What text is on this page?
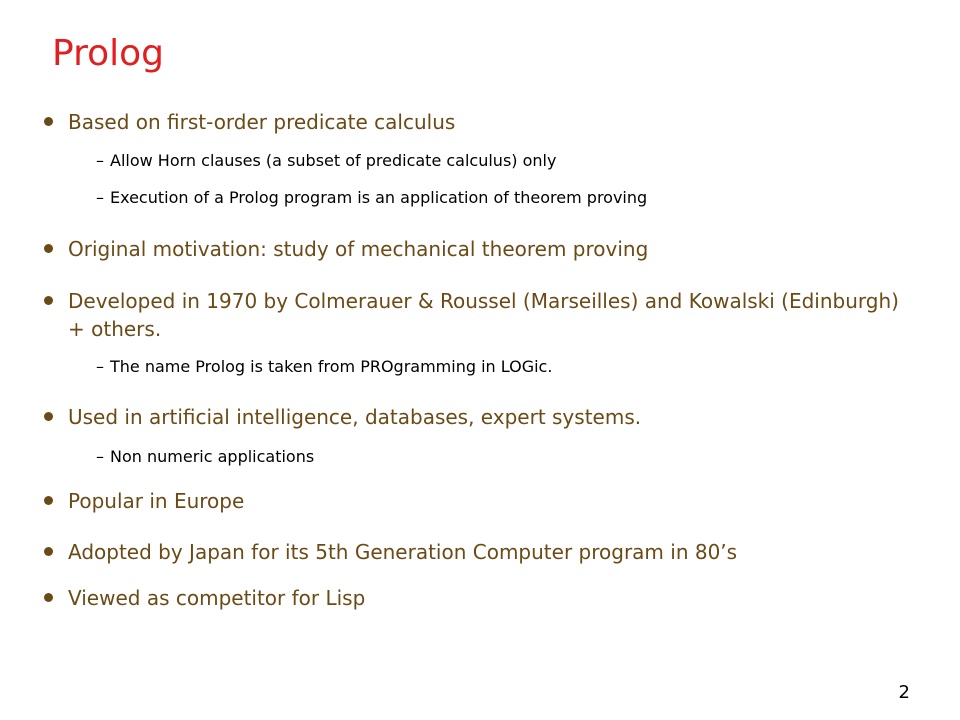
Prolog
Based on first-order predicate calculus
– Allow Horn clauses (a subset of predicate calculus) only
– Execution of a Prolog program is an application of theorem proving
Original motivation: study of mechanical theorem proving
Developed in 1970 by Colmerauer & Roussel (Marseilles) and Kowalski (Edinburgh) + others.
– The name Prolog is taken from PROgramming in LOGic.
Used in artificial intelligence, databases, expert systems.
– Non numeric applications
Popular in Europe
Adopted by Japan for its 5th Generation Computer program in 80’s
Viewed as competitor for Lisp
2
